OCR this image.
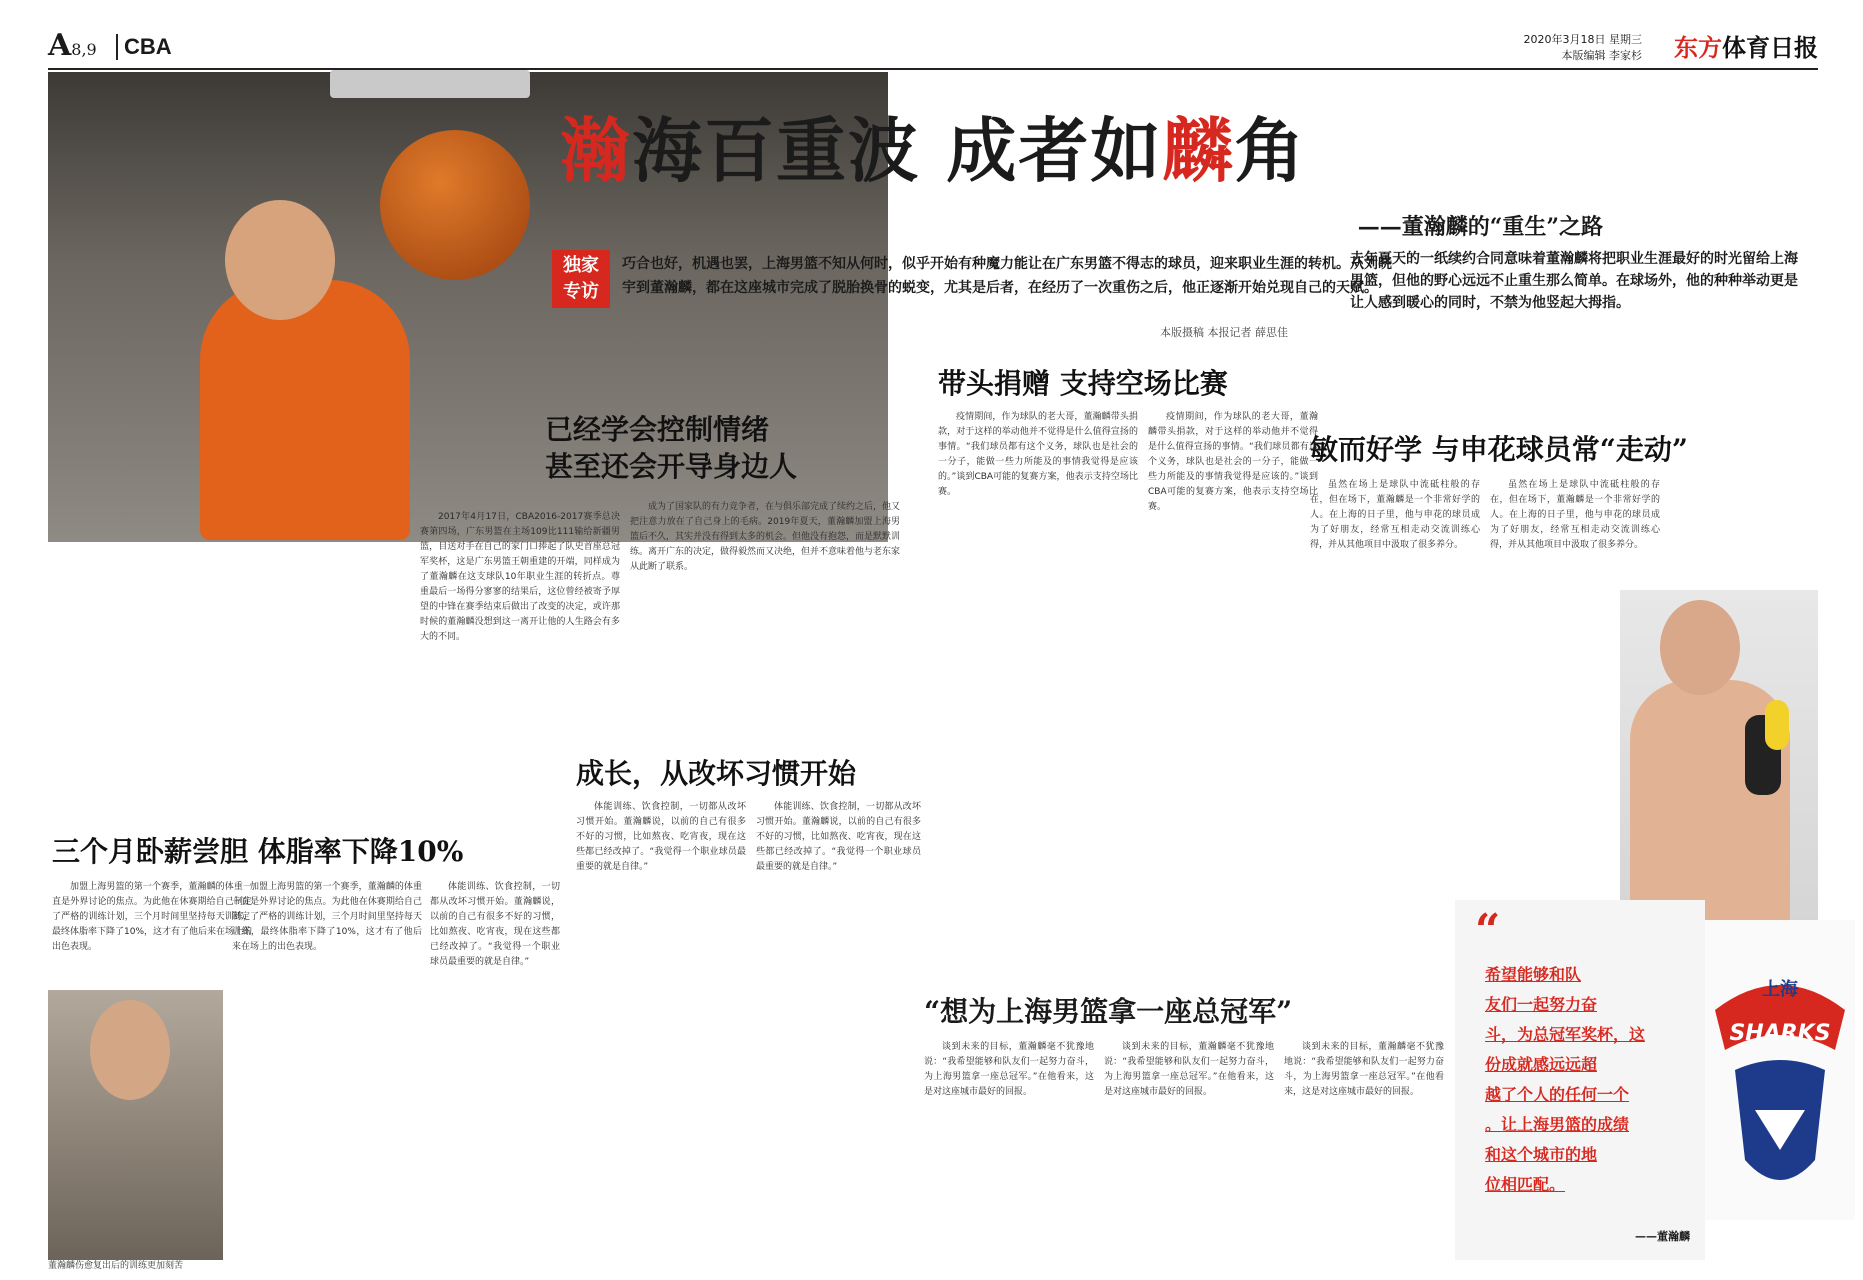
A8,9	CBA	2020年3月18日 星期三
本版编辑 李家杉 东方体育日报
瀚海百重波 成者如麟角
——董瀚麟的“重生”之路
独家
专访
巧合也好，机遇也罢，上海男篮不知从何时，似乎开始有种魔力能让在广东男篮不得志的球员，迎来职业生涯的转机。从刘晓宇到董瀚麟，都在这座城市完成了脱胎换骨的蜕变，尤其是后者，在经历了一次重伤之后，他正逐渐开始兑现自己的天赋。
本版摄稿 本报记者 薛思佳
已经学会控制情绪
甚至还会开导身边人
带头捐赠 支持空场比赛
敏而好学 与申花球员常“走动”
三个月卧薪尝胆 体脂率下降10%
成长，从改坏习惯开始
“想为上海男篮拿一座总冠军”
去年夏天的一纸续约合同意味着董瀚麟将把职业生涯最好的时光留给上海男篮，但他的野心远远不止重生那么简单。在球场外，他的种种举动更是让人感到暖心的同时，不禁为他竖起大拇指。

2017年4月17日，CBA2016-2017赛季总决赛第四场，广东男篮在主场109比111输给新疆男篮，目送对手在自己的家门口捧起了队史首座总冠军奖杯，这是广东男篮王朝重建的开端，同样成为了董瀚麟在这支球队10年职业生涯的转折点。尊重最后一场得分寥寥的结果后，这位曾经被寄予厚望的中锋在赛季结束后做出了改变的决定，或许那时候的董瀚麟没想到这一离开让他的人生路会有多大的不同。

成为了国家队的有力竞争者，在与俱乐部完成了续约之后，他又把注意力放在了自己身上的毛病。2019年夏天，董瀚麟加盟上海男篮后不久，其实并没有得到太多的机会。但他没有抱怨，而是默默训练。离开广东的决定，做得毅然而又决绝，但并不意味着他与老东家从此断了联系。

疫情期间，作为球队的老大哥，董瀚麟带头捐款，对于这样的举动他并不觉得是什么值得宣扬的事情。“我们球员都有这个义务，球队也是社会的一分子，能做一些力所能及的事情我觉得是应该的。”谈到CBA可能的复赛方案，他表示支持空场比赛。

疫情期间，作为球队的老大哥，董瀚麟带头捐款，对于这样的举动他并不觉得是什么值得宣扬的事情。“我们球员都有这个义务，球队也是社会的一分子，能做一些力所能及的事情我觉得是应该的。”谈到CBA可能的复赛方案，他表示支持空场比赛。

虽然在场上是球队中流砥柱般的存在，但在场下，董瀚麟是一个非常好学的人。在上海的日子里，他与申花的球员成为了好朋友，经常互相走动交流训练心得，并从其他项目中汲取了很多养分。

虽然在场上是球队中流砥柱般的存在，但在场下，董瀚麟是一个非常好学的人。在上海的日子里，他与申花的球员成为了好朋友，经常互相走动交流训练心得，并从其他项目中汲取了很多养分。

加盟上海男篮的第一个赛季，董瀚麟的体重一直是外界讨论的焦点。为此他在休赛期给自己制定了严格的训练计划，三个月时间里坚持每天训练，最终体脂率下降了10%，这才有了他后来在场上的出色表现。

加盟上海男篮的第一个赛季，董瀚麟的体重一直是外界讨论的焦点。为此他在休赛期给自己制定了严格的训练计划，三个月时间里坚持每天训练，最终体脂率下降了10%，这才有了他后来在场上的出色表现。

体能训练、饮食控制，一切都从改坏习惯开始。董瀚麟说，以前的自己有很多不好的习惯，比如熬夜、吃宵夜，现在这些都已经改掉了。“我觉得一个职业球员最重要的就是自律。”

体能训练、饮食控制，一切都从改坏习惯开始。董瀚麟说，以前的自己有很多不好的习惯，比如熬夜、吃宵夜，现在这些都已经改掉了。“我觉得一个职业球员最重要的就是自律。”

体能训练、饮食控制，一切都从改坏习惯开始。董瀚麟说，以前的自己有很多不好的习惯，比如熬夜、吃宵夜，现在这些都已经改掉了。“我觉得一个职业球员最重要的就是自律。”

谈到未来的目标，董瀚麟毫不犹豫地说：“我希望能够和队友们一起努力奋斗，为上海男篮拿一座总冠军。”在他看来，这是对这座城市最好的回报。

谈到未来的目标，董瀚麟毫不犹豫地说：“我希望能够和队友们一起努力奋斗，为上海男篮拿一座总冠军。”在他看来，这是对这座城市最好的回报。

谈到未来的目标，董瀚麟毫不犹豫地说：“我希望能够和队友们一起努力奋斗，为上海男篮拿一座总冠军。”在他看来，这是对这座城市最好的回报。

“
希望能够和队
友们一起努力奋
斗，为总冠军奖杯，这
份成就感远远超
越了个人的任何一个
。让上海男篮的成绩
和这个城市的地
位相匹配。
——董瀚麟
上海
SHARKS
董瀚麟伤愈复出后的训练更加刻苦
